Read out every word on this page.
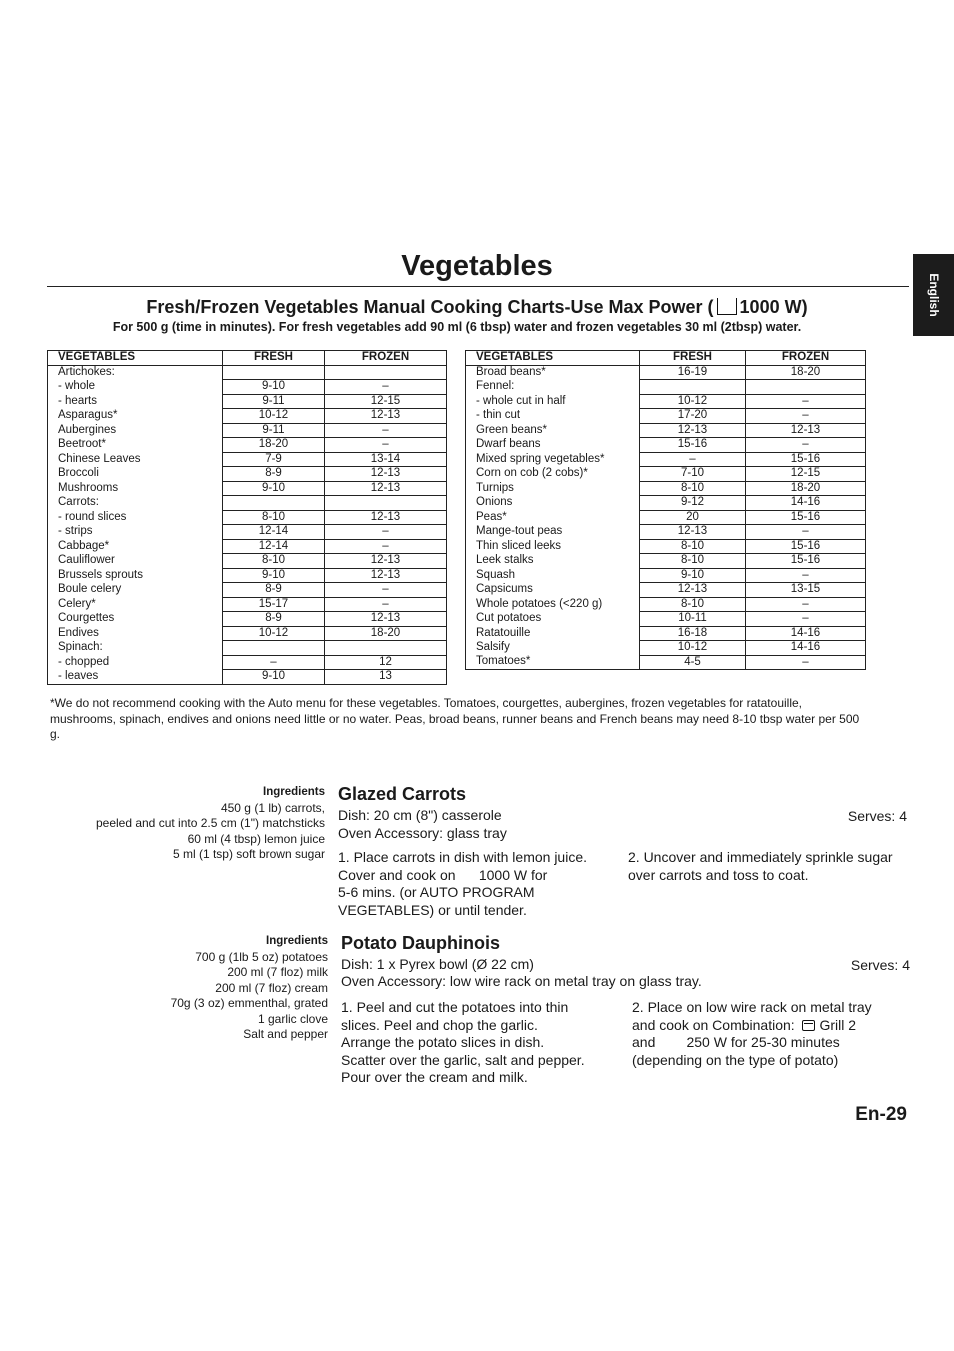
Vegetables
English
Fresh/Frozen Vegetables Manual Cooking Charts-Use Max Power ( 1000 W)
For 500 g (time in minutes). For fresh vegetables add 90 ml (6 tbsp) water and frozen vegetables 30 ml (2tbsp) water.
VEGETABLES	FRESH	FROZEN
Artichokes:		
- whole	9-10	–
- hearts	9-11	12-15
Asparagus*	10-12	12-13
Aubergines	9-11	–
Beetroot*	18-20	–
Chinese Leaves	7-9	13-14
Broccoli	8-9	12-13
Mushrooms	9-10	12-13
Carrots:		
- round slices	8-10	12-13
- strips	12-14	–
Cabbage*	12-14	–
Cauliflower	8-10	12-13
Brussels sprouts	9-10	12-13
Boule celery	8-9	–
Celery*	15-17	–
Courgettes	8-9	12-13
Endives	10-12	18-20
Spinach:		
- chopped	–	12
- leaves	9-10	13
VEGETABLES	FRESH	FROZEN
Broad beans*	16-19	18-20
Fennel:		
- whole cut in half	10-12	–
- thin cut	17-20	–
Green beans*	12-13	12-13
Dwarf beans	15-16	–
Mixed spring vegetables*	–	15-16
Corn on cob (2 cobs)*	7-10	12-15
Turnips	8-10	18-20
Onions	9-12	14-16
Peas*	20	15-16
Mange-tout peas	12-13	–
Thin sliced leeks	8-10	15-16
Leek stalks	8-10	15-16
Squash	9-10	–
Capsicums	12-13	13-15
Whole potatoes (<220 g)	8-10	–
Cut potatoes	10-11	–
Ratatouille	16-18	14-16
Salsify	10-12	14-16
Tomatoes*	4-5	–
*We do not recommend cooking with the Auto menu for these vegetables. Tomatoes, courgettes, aubergines, frozen vegetables for ratatouille, mushrooms, spinach, endives and onions need little or no water. Peas, broad beans, runner beans and French beans may need 8-10 tbsp water per 500 g.
Ingredients
450 g (1 lb) carrots,
peeled and cut into 2.5 cm (1") matchsticks
60 ml (4 tbsp) lemon juice
5 ml (1 tsp) soft brown sugar
Glazed Carrots
Dish: 20 cm (8") casserole	Serves: 4
Oven Accessory: glass tray
1. Place carrots in dish with lemon juice.
Cover and cook on      1000 W for
5-6 mins. (or AUTO PROGRAM
VEGETABLES) or until tender.
2. Uncover and immediately sprinkle sugar
over carrots and toss to coat.
Ingredients
700 g (1lb 5 oz) potatoes
200 ml (7 floz) milk
200 ml (7 floz) cream
70g (3 oz) emmenthal, grated
1 garlic clove
Salt and pepper
Potato Dauphinois
Dish: 1 x Pyrex bowl (Ø 22 cm)	Serves: 4
Oven Accessory: low wire rack on metal tray on glass tray.
1. Peel and cut the potatoes into thin
slices. Peel and chop the garlic.
Arrange the potato slices in dish.
Scatter over the garlic, salt and pepper.
Pour over the cream and milk.
2. Place on low wire rack on metal tray
and cook on Combination: Grill 2
and        250 W for 25-30 minutes
(depending on the type of potato)
En-29
